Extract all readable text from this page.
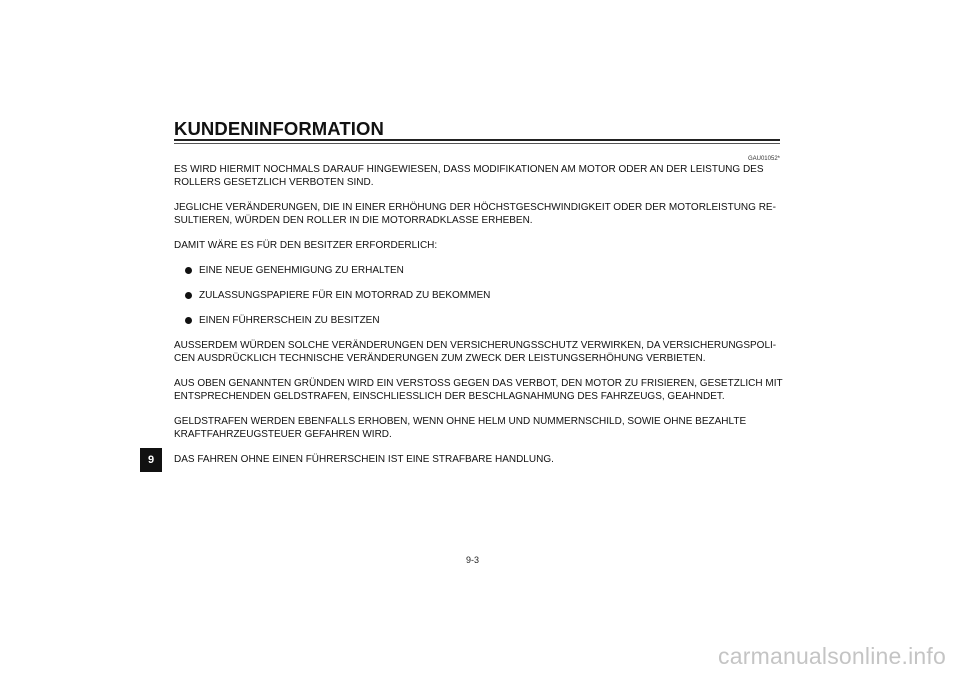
KUNDENINFORMATION
GAU01052*

ES WIRD HIERMIT NOCHMALS DARAUF HINGEWIESEN, DASS MODIFIKATIONEN AM MOTOR ODER AN DER LEISTUNG DES ROLLERS GESETZLICH VERBOTEN SIND.

JEGLICHE VERÄNDERUNGEN, DIE IN EINER ERHÖHUNG DER HÖCHSTGESCHWINDIGKEIT ODER DER MOTORLEISTUNG RE-SULTIEREN, WÜRDEN DEN ROLLER IN DIE MOTORRADKLASSE ERHEBEN.

DAMIT WÄRE ES FÜR DEN BESITZER ERFORDERLICH:

EINE NEUE GENEHMIGUNG ZU ERHALTEN
ZULASSUNGSPAPIERE FÜR EIN MOTORRAD ZU BEKOMMEN
EINEN FÜHRERSCHEIN ZU BESITZEN

AUSSERDEM WÜRDEN SOLCHE VERÄNDERUNGEN DEN VERSICHERUNGSSCHUTZ VERWIRKEN, DA VERSICHERUNGSPOLI-CEN AUSDRÜCKLICH TECHNISCHE VERÄNDERUNGEN ZUM ZWECK DER LEISTUNGSERHÖHUNG VERBIETEN.

AUS OBEN GENANNTEN GRÜNDEN WIRD EIN VERSTOSS GEGEN DAS VERBOT, DEN MOTOR ZU FRISIEREN, GESETZLICH MIT ENTSPRECHENDEN GELDSTRAFEN, EINSCHLIESSLICH DER BESCHLAGNAHMUNG DES FAHRZEUGS, GEAHNDET.

GELDSTRAFEN WERDEN EBENFALLS ERHOBEN, WENN OHNE HELM UND NUMMERNSCHILD, SOWIE OHNE BEZAHLTE KRAFTFAHRZEUGSTEUER GEFAHREN WIRD.

DAS FAHREN OHNE EINEN FÜHRERSCHEIN IST EINE STRAFBARE HANDLUNG.

9
9-3
carmanualsonline.info
